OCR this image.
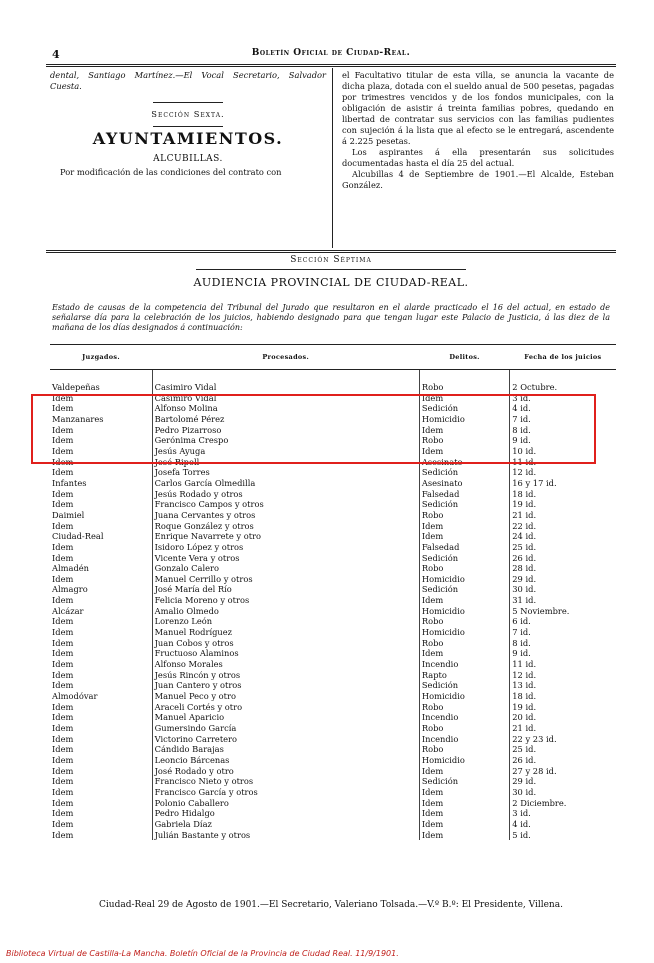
4	Boletín Oficial de Ciudad-Real.

dental, Santiago Martínez.—El Vocal Secretario, Salvador Cuesta.

Sección Sexta.

AYUNTAMIENTOS.

ALCUBILLAS.

Por modificación de las condiciones del contrato con

el Facultativo titular de esta villa, se anuncia la vacante de dicha plaza, dotada con el sueldo anual de 500 pesetas, pagadas por trimestres vencidos y de los fondos municipales, con la obligación de asistir á treinta familias pobres, quedando en libertad de contratar sus servicios con las familias pudientes con sujeción á la lista que al efecto se le entregará, ascendente á 2.225 pesetas.

Los aspirantes á ella presentarán sus solicitudes documentadas hasta el día 25 del actual.

Alcubillas 4 de Septiembre de 1901.—El Alcalde, Esteban González.

Sección Séptima
AUDIENCIA PROVINCIAL DE CIUDAD-REAL.
Estado de causas de la competencia del Tribunal del Jurado que resultaron en el alarde practicado el 16 del actual, en estado de señalarse día para la celebración de los juicios, habiendo designado para que tengan lugar este Palacio de Justicia, á las diez de la mañana de los días designados á continuación:
Juzgados.	Procesados.	Delitos.	Fecha de los juicios

Valdepeñas	Casimiro Vidal	Robo	2 Octubre.
Idem	Casimiro Vidal	Idem	3 id.
Idem	Alfonso Molina	Sedición	4 id.
Manzanares	Bartolomé Pérez	Homicidio	7 id.
Idem	Pedro Pizarroso	Idem	8 id.
Idem	Gerónima Crespo	Robo	9 id.
Idem	Jesús Ayuga	Idem	10 id.
Idem	José Ripoll	Asesinato	11 id.
Idem	Josefa Torres	Sedición	12 id.
Infantes	Carlos García Olmedilla	Asesinato	16 y 17 id.
Idem	Jesús Rodado y otros	Falsedad	18 id.
Idem	Francisco Campos y otros	Sedición	19 id.
Daimiel	Juana Cervantes y otros	Robo	21 id.
Idem	Roque González y otros	Idem	22 id.
Ciudad-Real	Enrique Navarrete y otro	Idem	24 id.
Idem	Isidoro López y otros	Falsedad	25 id.
Idem	Vicente Vera y otros	Sedición	26 id.
Almadén	Gonzalo Calero	Robo	28 id.
Idem	Manuel Cerrillo y otros	Homicidio	29 id.
Almagro	José María del Río	Sedición	30 id.
Idem	Felicia Moreno y otros	Idem	31 id.
Alcázar	Amalio Olmedo	Homicidio	5 Noviembre.
Idem	Lorenzo León	Robo	6 id.
Idem	Manuel Rodríguez	Homicidio	7 id.
Idem	Juan Cobos y otros	Robo	8 id.
Idem	Fructuoso Alaminos	Idem	9 id.
Idem	Alfonso Morales	Incendio	11 id.
Idem	Jesús Rincón y otros	Rapto	12 id.
Idem	Juan Cantero y otros	Sedición	13 id.
Almodóvar	Manuel Peco y otro	Homicidio	18 id.
Idem	Araceli Cortés y otro	Robo	19 id.
Idem	Manuel Aparicio	Incendio	20 id.
Idem	Gumersindo García	Robo	21 id.
Idem	Victorino Carretero	Incendio	22 y 23 id.
Idem	Cándido Barajas	Robo	25 id.
Idem	Leoncio Bárcenas	Homicidio	26 id.
Idem	José Rodado y otro	Idem	27 y 28 id.
Idem	Francisco Nieto y otros	Sedición	29 id.
Idem	Francisco García y otros	Idem	30 id.
Idem	Polonio Caballero	Idem	2 Diciembre.
Idem	Pedro Hidalgo	Idem	3 id.
Idem	Gabriela Díaz	Idem	4 id.
Idem	Julián Bastante y otros	Idem	5 id.
Ciudad-Real 29 de Agosto de 1901.—El Secretario, Valeriano Tolsada.—V.º B.º: El Presidente, Villena.
Biblioteca Virtual de Castilla-La Mancha. Boletín Oficial de la Provincia de Ciudad Real. 11/9/1901.
